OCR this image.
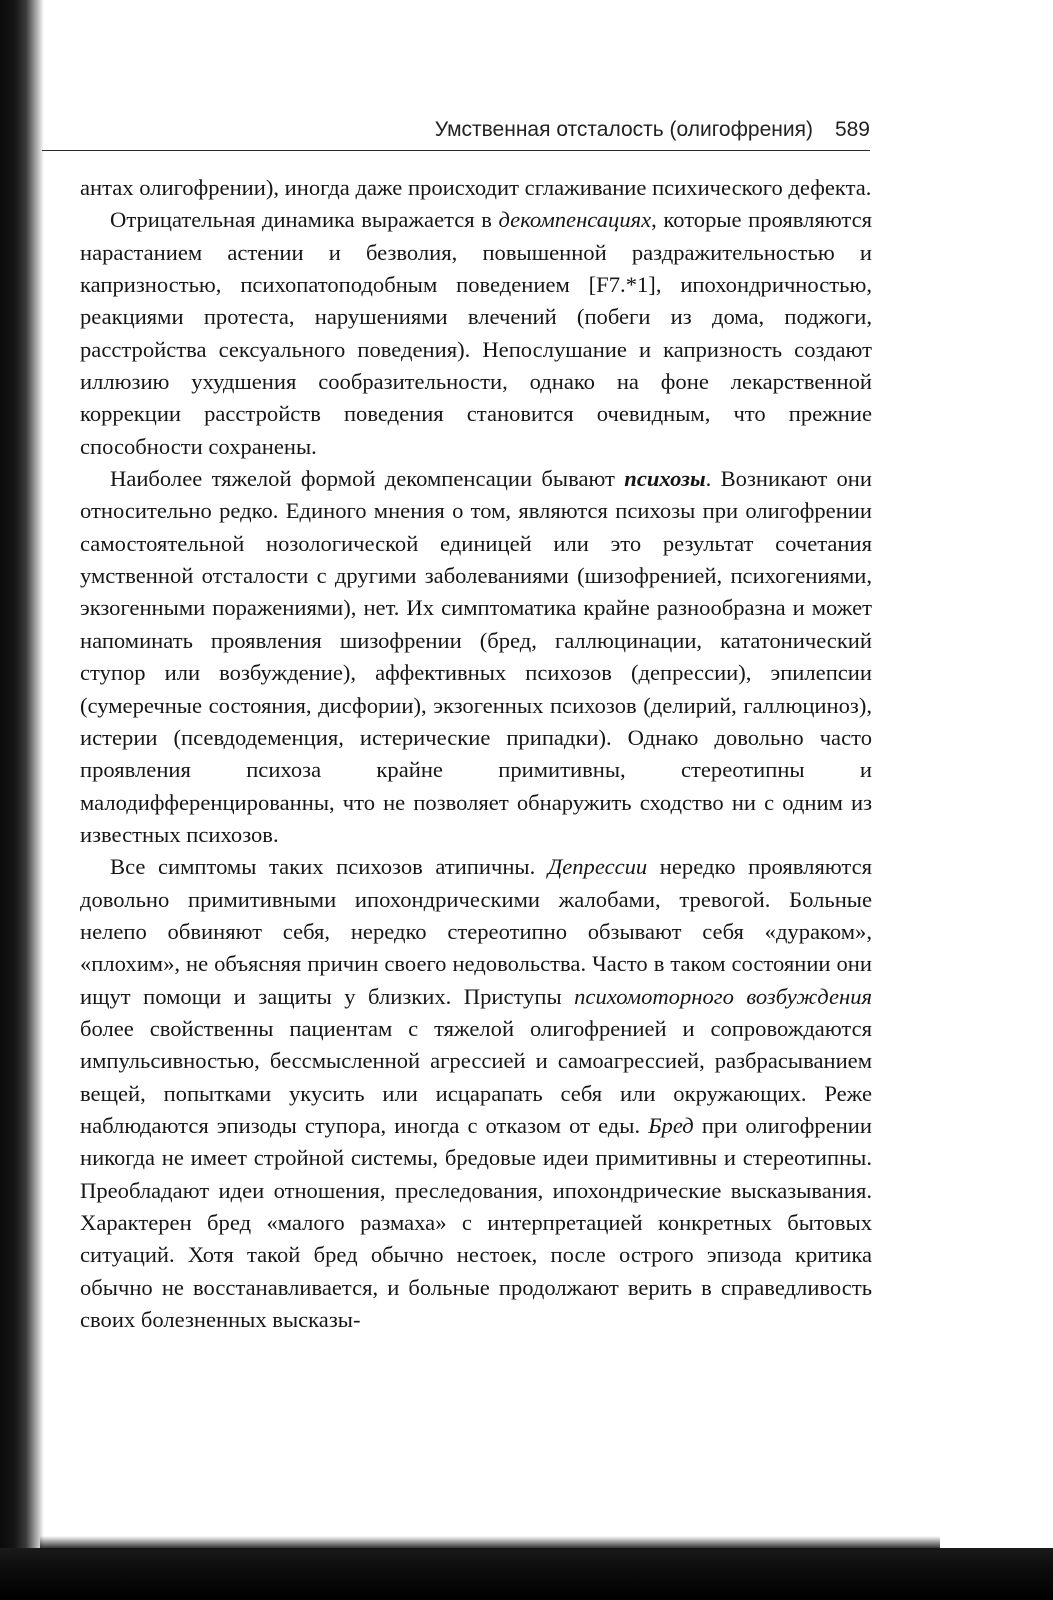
Умственная отсталость (олигофрения) 589

антах олигофрении), иногда даже происходит сглаживание психического дефекта.

Отрицательная динамика выражается в декомпенсациях, которые проявляются нарастанием астении и безволия, повышенной раздражительностью и капризностью, психопатоподобным поведением [F7.*1], ипохондричностью, реакциями протеста, нарушениями влечений (побеги из дома, поджоги, расстройства сексуального поведения). Непослушание и капризность создают иллюзию ухудшения сообразительности, однако на фоне лекарственной коррекции расстройств поведения становится очевидным, что прежние способности сохранены.

Наиболее тяжелой формой декомпенсации бывают психозы. Возникают они относительно редко. Единого мнения о том, являются психозы при олигофрении самостоятельной нозологической единицей или это результат сочетания умственной отсталости с другими заболеваниями (шизофренией, психогениями, экзогенными поражениями), нет. Их симптоматика крайне разнообразна и может напоминать проявления шизофрении (бред, галлюцинации, кататонический ступор или возбуждение), аффективных психозов (депрессии), эпилепсии (сумеречные состояния, дисфории), экзогенных психозов (делирий, галлюциноз), истерии (псевдодеменция, истерические припадки). Однако довольно часто проявления психоза крайне примитивны, стереотипны и малодифференцированны, что не позволяет обнаружить сходство ни с одним из известных психозов.

Все симптомы таких психозов атипичны. Депрессии нередко проявляются довольно примитивными ипохондрическими жалобами, тревогой. Больные нелепо обвиняют себя, нередко стереотипно обзывают себя «дураком», «плохим», не объясняя причин своего недовольства. Часто в таком состоянии они ищут помощи и защиты у близких. Приступы психомоторного возбуждения более свойственны пациентам с тяжелой олигофренией и сопровождаются импульсивностью, бессмысленной агрессией и самоагрессией, разбрасыванием вещей, попытками укусить или исцарапать себя или окружающих. Реже наблюдаются эпизоды ступора, иногда с отказом от еды. Бред при олигофрении никогда не имеет стройной системы, бредовые идеи примитивны и стереотипны. Преобладают идеи отношения, преследования, ипохондрические высказывания. Характерен бред «малого размаха» с интерпретацией конкретных бытовых ситуаций. Хотя такой бред обычно нестоек, после острого эпизода критика обычно не восстанавливается, и больные продолжают верить в справедливость своих болезненных высказы-
